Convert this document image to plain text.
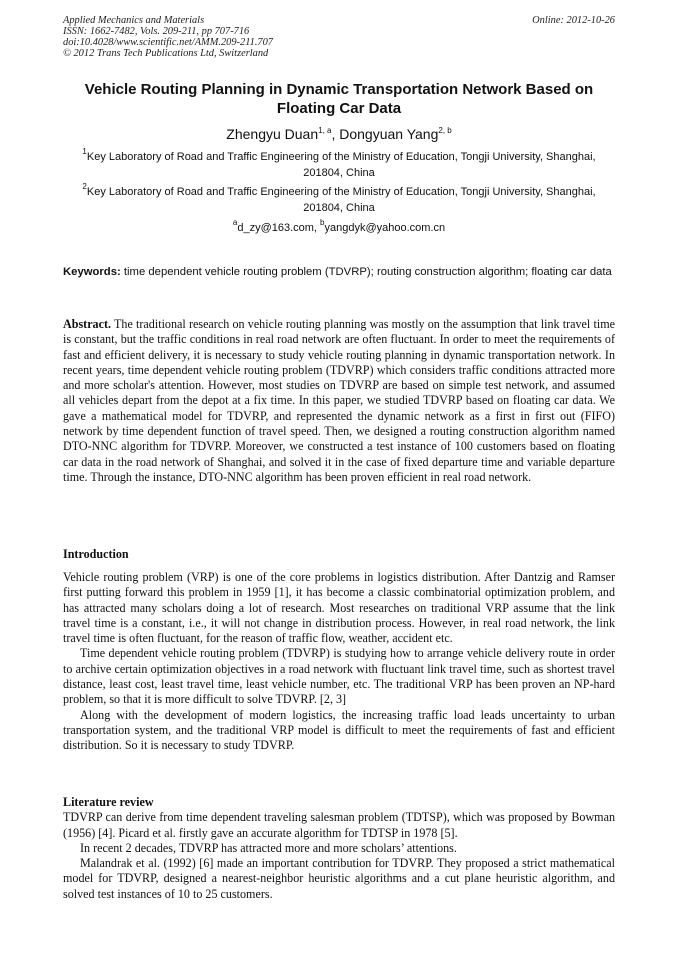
Applied Mechanics and Materials
ISSN: 1662-7482, Vols. 209-211, pp 707-716
doi:10.4028/www.scientific.net/AMM.209-211.707
© 2012 Trans Tech Publications Ltd, Switzerland
Online: 2012-10-26
Vehicle Routing Planning in Dynamic Transportation Network Based on Floating Car Data
Zhengyu Duan$^{1, a}$, Dongyuan Yang$^{2, b}$
$^1$Key Laboratory of Road and Traffic Engineering of the Ministry of Education, Tongji University, Shanghai, 201804, China
$^2$Key Laboratory of Road and Traffic Engineering of the Ministry of Education, Tongji University, Shanghai, 201804, China
$^a$d_zy@163.com, $^b$yangdyk@yahoo.com.cn
Keywords: time dependent vehicle routing problem (TDVRP); routing construction algorithm; floating car data
Abstract. The traditional research on vehicle routing planning was mostly on the assumption that link travel time is constant, but the traffic conditions in real road network are often fluctuant. In order to meet the requirements of fast and efficient delivery, it is necessary to study vehicle routing planning in dynamic transportation network. In recent years, time dependent vehicle routing problem (TDVRP) which considers traffic conditions attracted more and more scholar's attention. However, most studies on TDVRP are based on simple test network, and assumed all vehicles depart from the depot at a fix time. In this paper, we studied TDVRP based on floating car data. We gave a mathematical model for TDVRP, and represented the dynamic network as a first in first out (FIFO) network by time dependent function of travel speed. Then, we designed a routing construction algorithm named DTO-NNC algorithm for TDVRP. Moreover, we constructed a test instance of 100 customers based on floating car data in the road network of Shanghai, and solved it in the case of fixed departure time and variable departure time. Through the instance, DTO-NNC algorithm has been proven efficient in real road network.
Introduction

Vehicle routing problem (VRP) is one of the core problems in logistics distribution. After Dantzig and Ramser first putting forward this problem in 1959 [1], it has become a classic combinatorial optimization problem, and has attracted many scholars doing a lot of research. Most researches on traditional VRP assume that the link travel time is a constant, i.e., it will not change in distribution process. However, in real road network, the link travel time is often fluctuant, for the reason of traffic flow, weather, accident etc.

Time dependent vehicle routing problem (TDVRP) is studying how to arrange vehicle delivery route in order to archive certain optimization objectives in a road network with fluctuant link travel time, such as shortest travel distance, least cost, least travel time, least vehicle number, etc. The traditional VRP has been proven an NP-hard problem, so that it is more difficult to solve TDVRP. [2, 3]

Along with the development of modern logistics, the increasing traffic load leads uncertainty to urban transportation system, and the traditional VRP model is difficult to meet the requirements of fast and efficient distribution. So it is necessary to study TDVRP.

Literature review

TDVRP can derive from time dependent traveling salesman problem (TDTSP), which was proposed by Bowman (1956) [4]. Picard et al. firstly gave an accurate algorithm for TDTSP in 1978 [5].

In recent 2 decades, TDVRP has attracted more and more scholars’ attentions.

Malandrak et al. (1992) [6] made an important contribution for TDVRP. They proposed a strict mathematical model for TDVRP, designed a nearest-neighbor heuristic algorithms and a cut plane heuristic algorithm, and solved test instances of 10 to 25 customers.
